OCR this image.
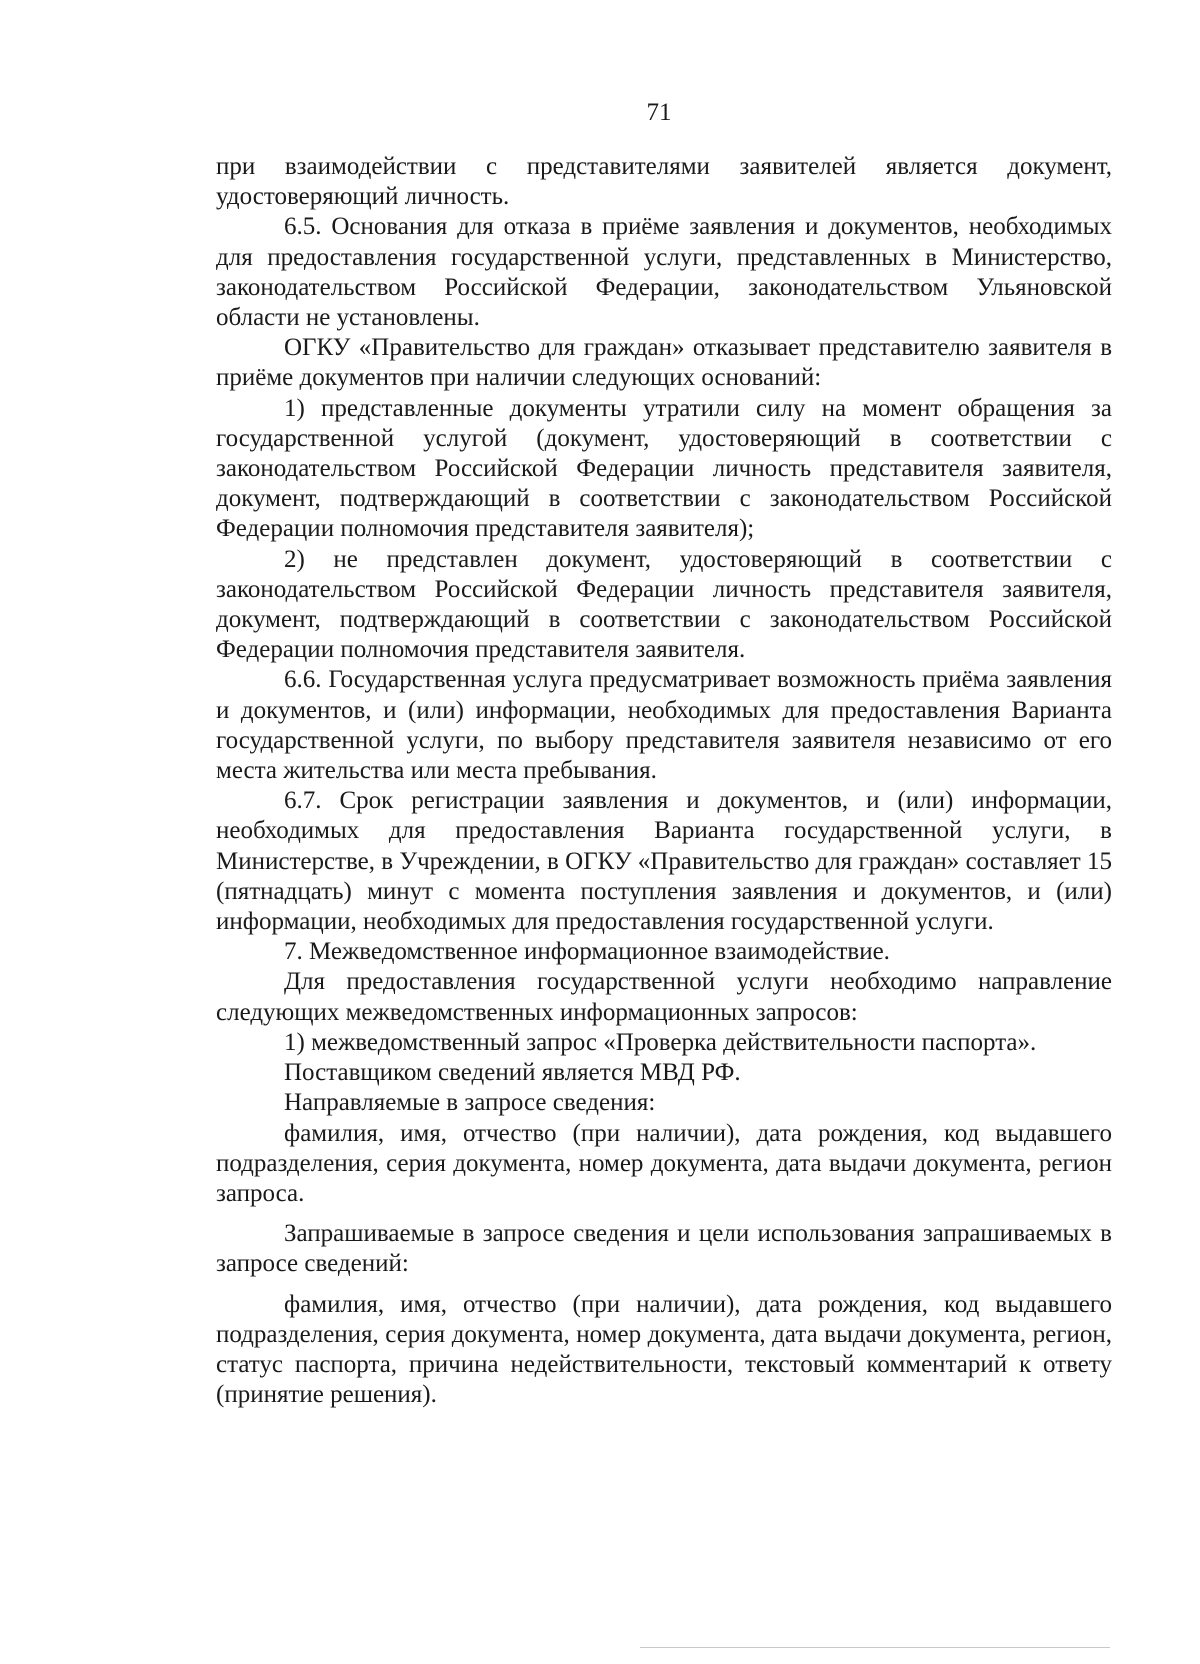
71

при взаимодействии с представителями заявителей является документ, удостоверяющий личность.

6.5. Основания для отказа в приёме заявления и документов, необходимых для предоставления государственной услуги, представленных в Министерство, законодательством Российской Федерации, законодательством Ульяновской области не установлены.

ОГКУ «Правительство для граждан» отказывает представителю заявителя в приёме документов при наличии следующих оснований:

1) представленные документы утратили силу на момент обращения за государственной услугой (документ, удостоверяющий в соответствии с законодательством Российской Федерации личность представителя заявителя, документ, подтверждающий в соответствии с законодательством Российской Федерации полномочия представителя заявителя);

2) не представлен документ, удостоверяющий в соответствии с законодательством Российской Федерации личность представителя заявителя, документ, подтверждающий в соответствии с законодательством Российской Федерации полномочия представителя заявителя.

6.6. Государственная услуга предусматривает возможность приёма заявления и документов, и (или) информации, необходимых для предоставления Варианта государственной услуги, по выбору представителя заявителя независимо от его места жительства или места пребывания.

6.7. Срок регистрации заявления и документов, и (или) информации, необходимых для предоставления Варианта государственной услуги, в Министерстве, в Учреждении, в ОГКУ «Правительство для граждан» составляет 15 (пятнадцать) минут с момента поступления заявления и документов, и (или) информации, необходимых для предоставления государственной услуги.

7. Межведомственное информационное взаимодействие.

Для предоставления государственной услуги необходимо направление следующих межведомственных информационных запросов:

1) межведомственный запрос «Проверка действительности паспорта».

Поставщиком сведений является МВД РФ.

Направляемые в запросе сведения:

фамилия, имя, отчество (при наличии), дата рождения, код выдавшего подразделения, серия документа, номер документа, дата выдачи документа, регион запроса.

Запрашиваемые в запросе сведения и цели использования запрашиваемых в запросе сведений:

фамилия, имя, отчество (при наличии), дата рождения, код выдавшего подразделения, серия документа, номер документа, дата выдачи документа, регион, статус паспорта, причина недействительности, текстовый комментарий к ответу (принятие решения).
